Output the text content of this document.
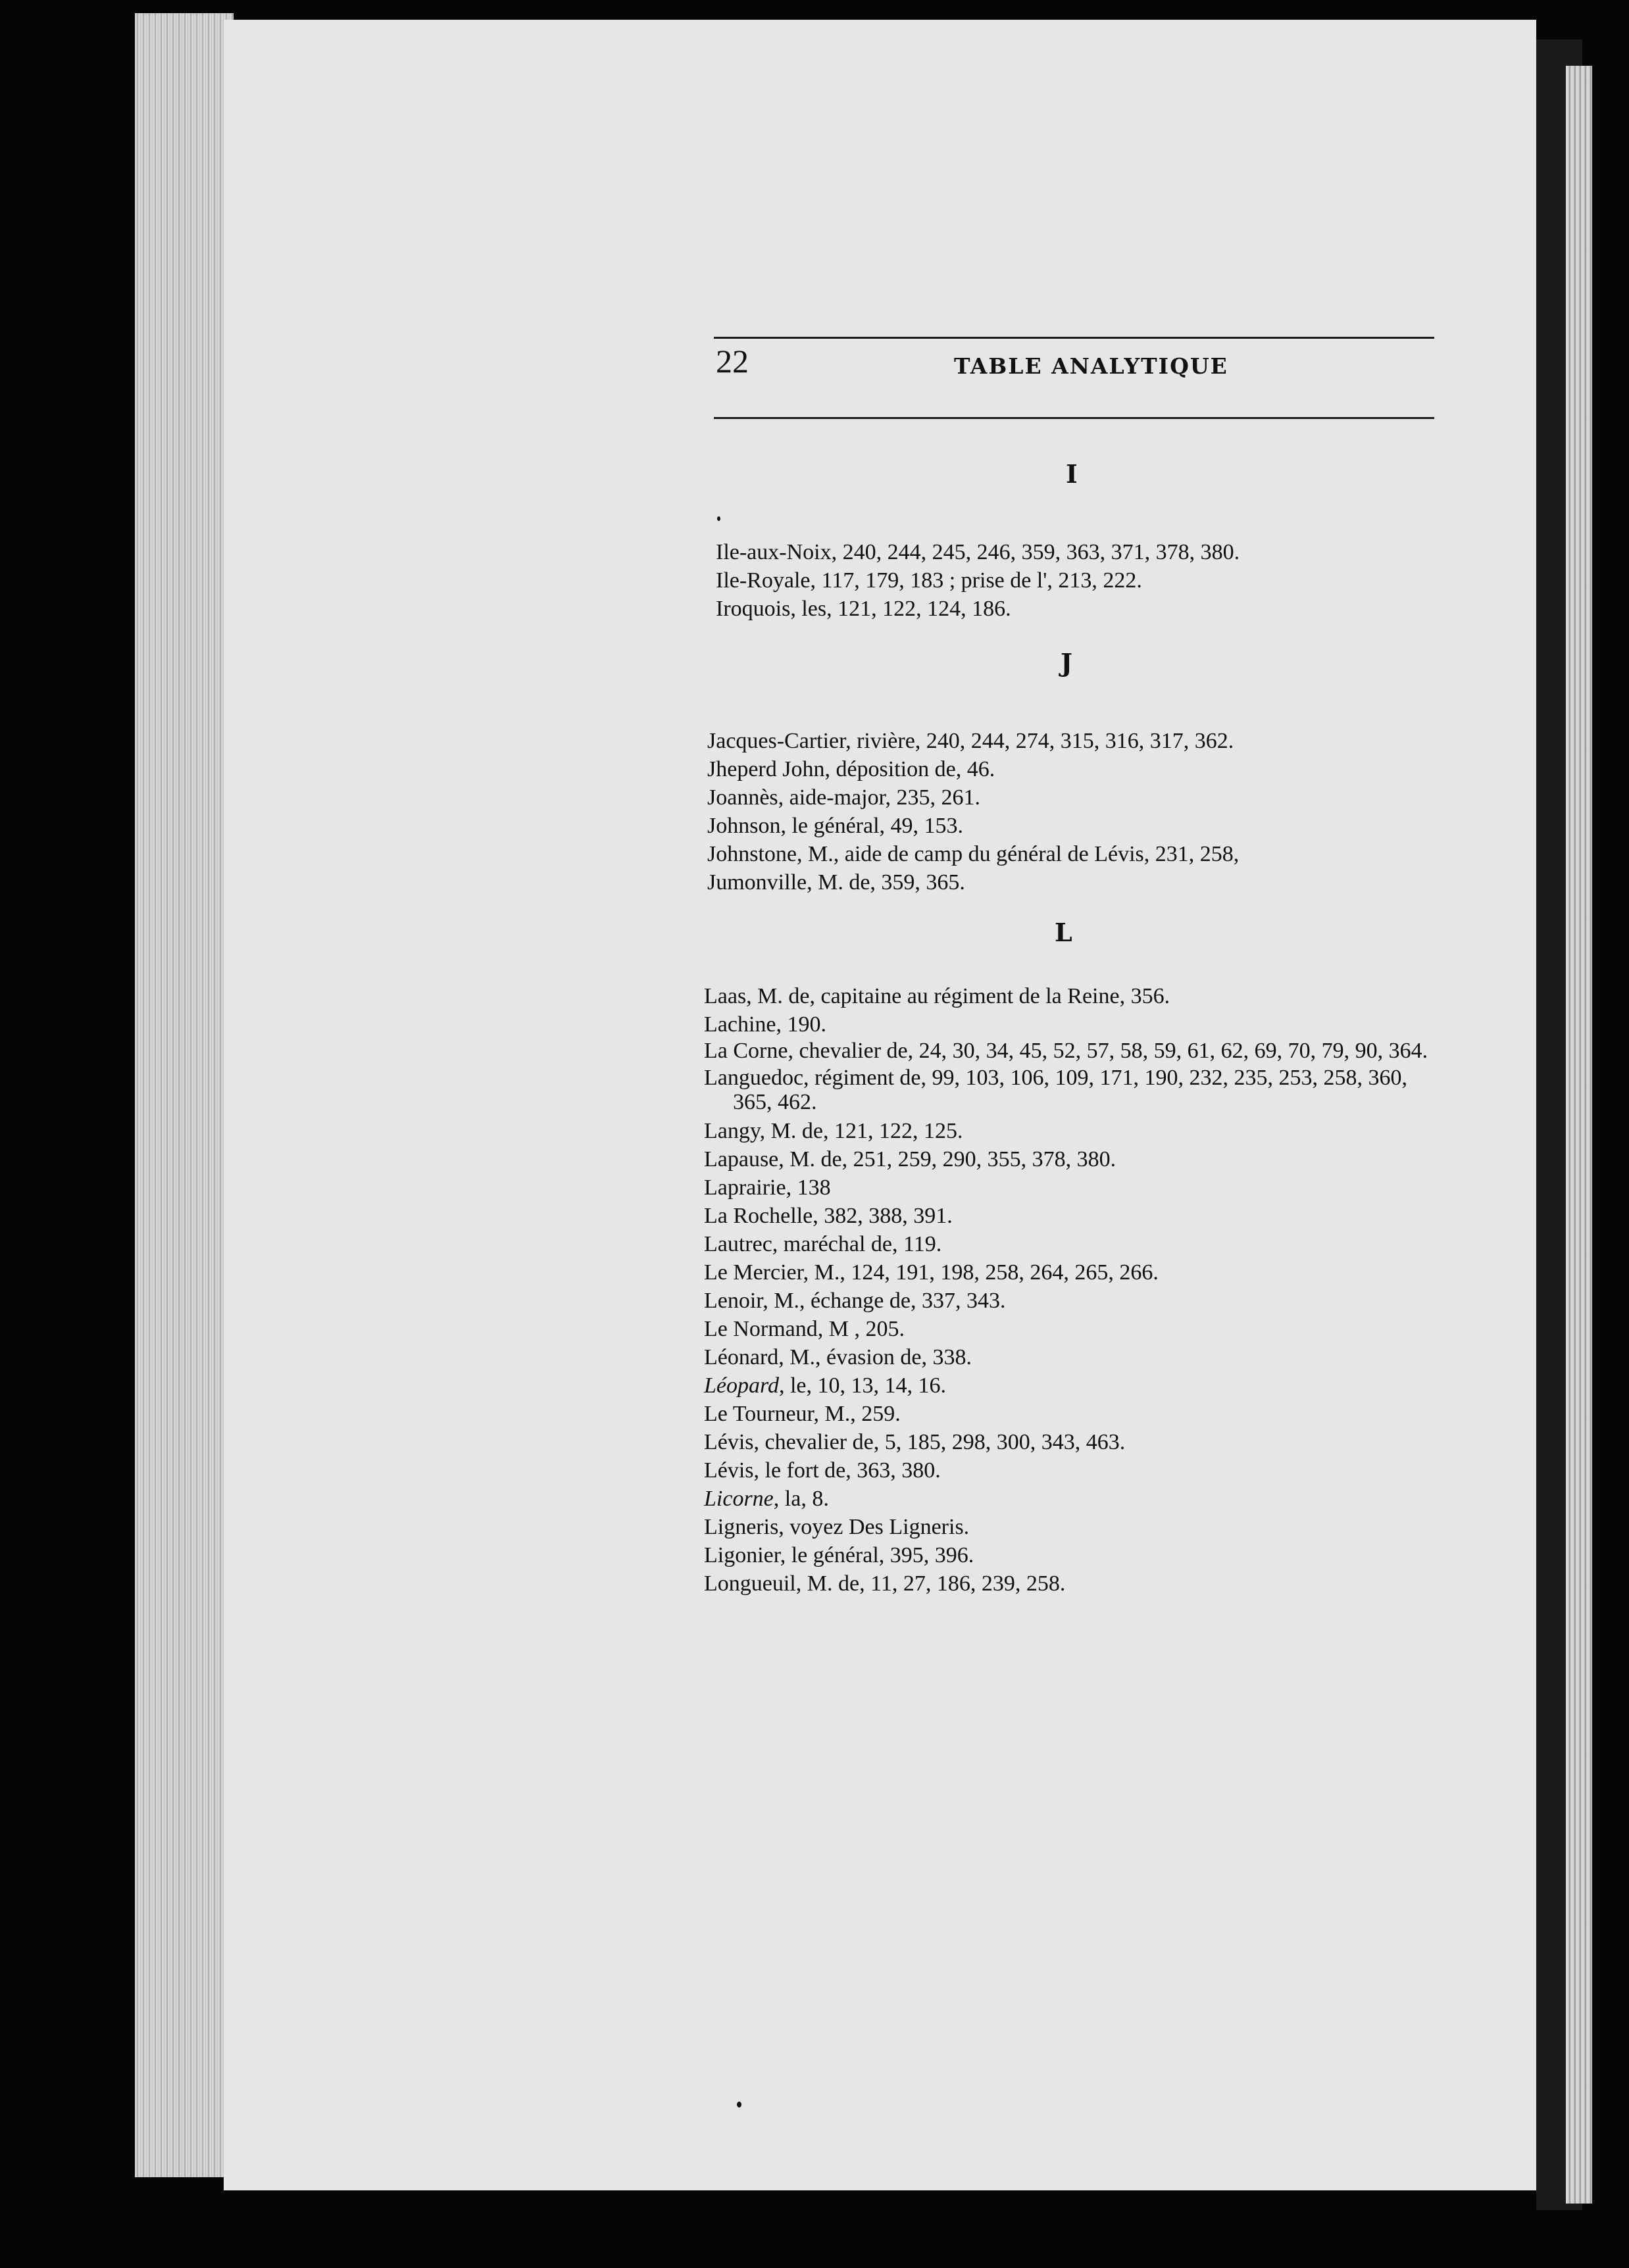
22	TABLE ANALYTIQUE
I
Ile-aux-Noix, 240, 244, 245, 246, 359, 363, 371, 378, 380.
Ile-Royale, 117, 179, 183 ; prise de l', 213, 222.
Iroquois, les, 121, 122, 124, 186.
J
Jacques-Cartier, rivière, 240, 244, 274, 315, 316, 317, 362.
Jheperd John, déposition de, 46.
Joannès, aide-major, 235, 261.
Johnson, le général, 49, 153.
Johnstone, M., aide de camp du général de Lévis, 231, 258,
Jumonville, M. de, 359, 365.
L
Laas, M. de, capitaine au régiment de la Reine, 356.
Lachine, 190.
La Corne, chevalier de, 24, 30, 34, 45, 52, 57, 58, 59, 61, 62, 69, 70, 79, 90, 364.
Languedoc, régiment de, 99, 103, 106, 109, 171, 190, 232, 235, 253, 258, 360, 365, 462.
Langy, M. de, 121, 122, 125.
Lapause, M. de, 251, 259, 290, 355, 378, 380.
Laprairie, 138
La Rochelle, 382, 388, 391.
Lautrec, maréchal de, 119.
Le Mercier, M., 124, 191, 198, 258, 264, 265, 266.
Lenoir, M., échange de, 337, 343.
Le Normand, M , 205.
Léonard, M., évasion de, 338.
Léopard, le, 10, 13, 14, 16.
Le Tourneur, M., 259.
Lévis, chevalier de, 5, 185, 298, 300, 343, 463.
Lévis, le fort de, 363, 380.
Licorne, la, 8.
Ligneris, voyez Des Ligneris.
Ligonier, le général, 395, 396.
Longueuil, M. de, 11, 27, 186, 239, 258.
